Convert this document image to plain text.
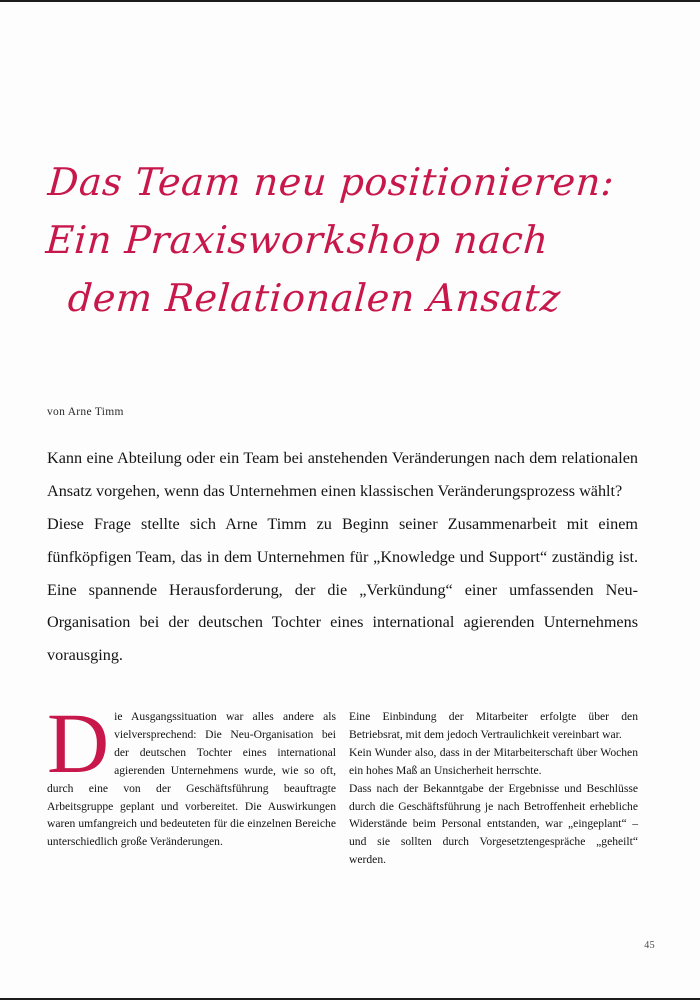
Das Team neu positionieren:
Ein Praxisworkshop nach
dem Relationalen Ansatz
von Arne Timm

Kann eine Abteilung oder ein Team bei anstehenden Veränderungen nach dem relationalen Ansatz vorgehen, wenn das Unternehmen einen klassischen Veränderungsprozess wählt?

Diese Frage stellte sich Arne Timm zu Beginn seiner Zusammenarbeit mit einem fünfköpfigen Team, das in dem Unternehmen für „Knowledge und Support“ zuständig ist. Eine spannende Herausforderung, der die „Verkündung“ einer umfassenden Neu-Organisation bei der deutschen Tochter eines international agierenden Unternehmens vorausging.

Die Ausgangssituation war alles andere als vielversprechend: Die Neu-Organisation bei der deutschen Tochter eines international agierenden Unternehmens wurde, wie so oft, durch eine von der Geschäftsführung beauftragte Arbeitsgruppe geplant und vorbereitet. Die Auswirkungen waren umfangreich und bedeuteten für die einzelnen Bereiche unterschiedlich große Veränderungen.

Eine Einbindung der Mitarbeiter erfolgte über den Betriebsrat, mit dem jedoch Vertraulichkeit vereinbart war.

Kein Wunder also, dass in der Mitarbeiterschaft über Wochen ein hohes Maß an Unsicherheit herrschte.

Dass nach der Bekanntgabe der Ergebnisse und Beschlüsse durch die Geschäftsführung je nach Betroffenheit erhebliche Widerstände beim Personal entstanden, war „eingeplant“ – und sie sollten durch Vorgesetztengespräche „geheilt“ werden.

45
